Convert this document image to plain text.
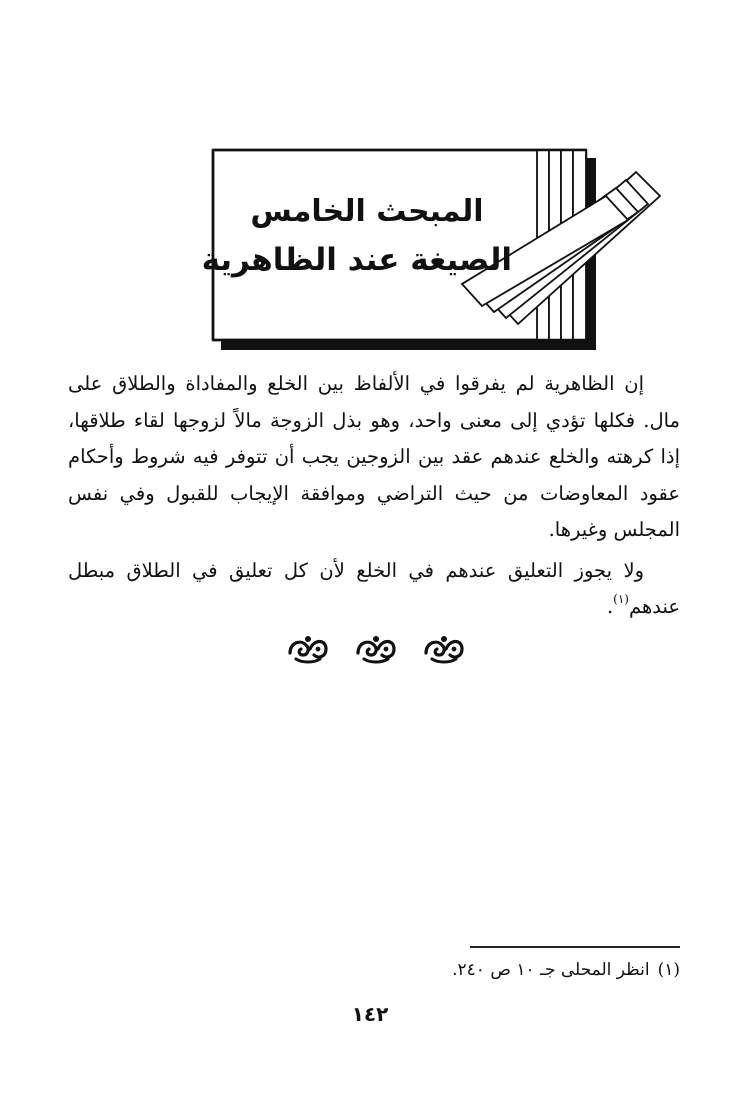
المبحث الخامس
الصيغة عند الظاهرية

إن الظاهرية لم يفرقوا في الألفاظ بين الخلع والمفاداة والطلاق على مال. فكلها تؤدي إلى معنى واحد، وهو بذل الزوجة مالاً لزوجها لقاء طلاقها، إذا كرهته والخلع عندهم عقد بين الزوجين يجب أن تتوفر فيه شروط وأحكام عقود المعاوضات من حيث التراضي وموافقة الإيجاب للقبول وفي نفس المجلس وغيرها.

ولا يجوز التعليق عندهم في الخلع لأن كل تعليق في الطلاق مبطل عندهم$^{(١)}$.

(١)انظر المحلى جـ ١٠ ص ٢٤٠.
١٤٢
